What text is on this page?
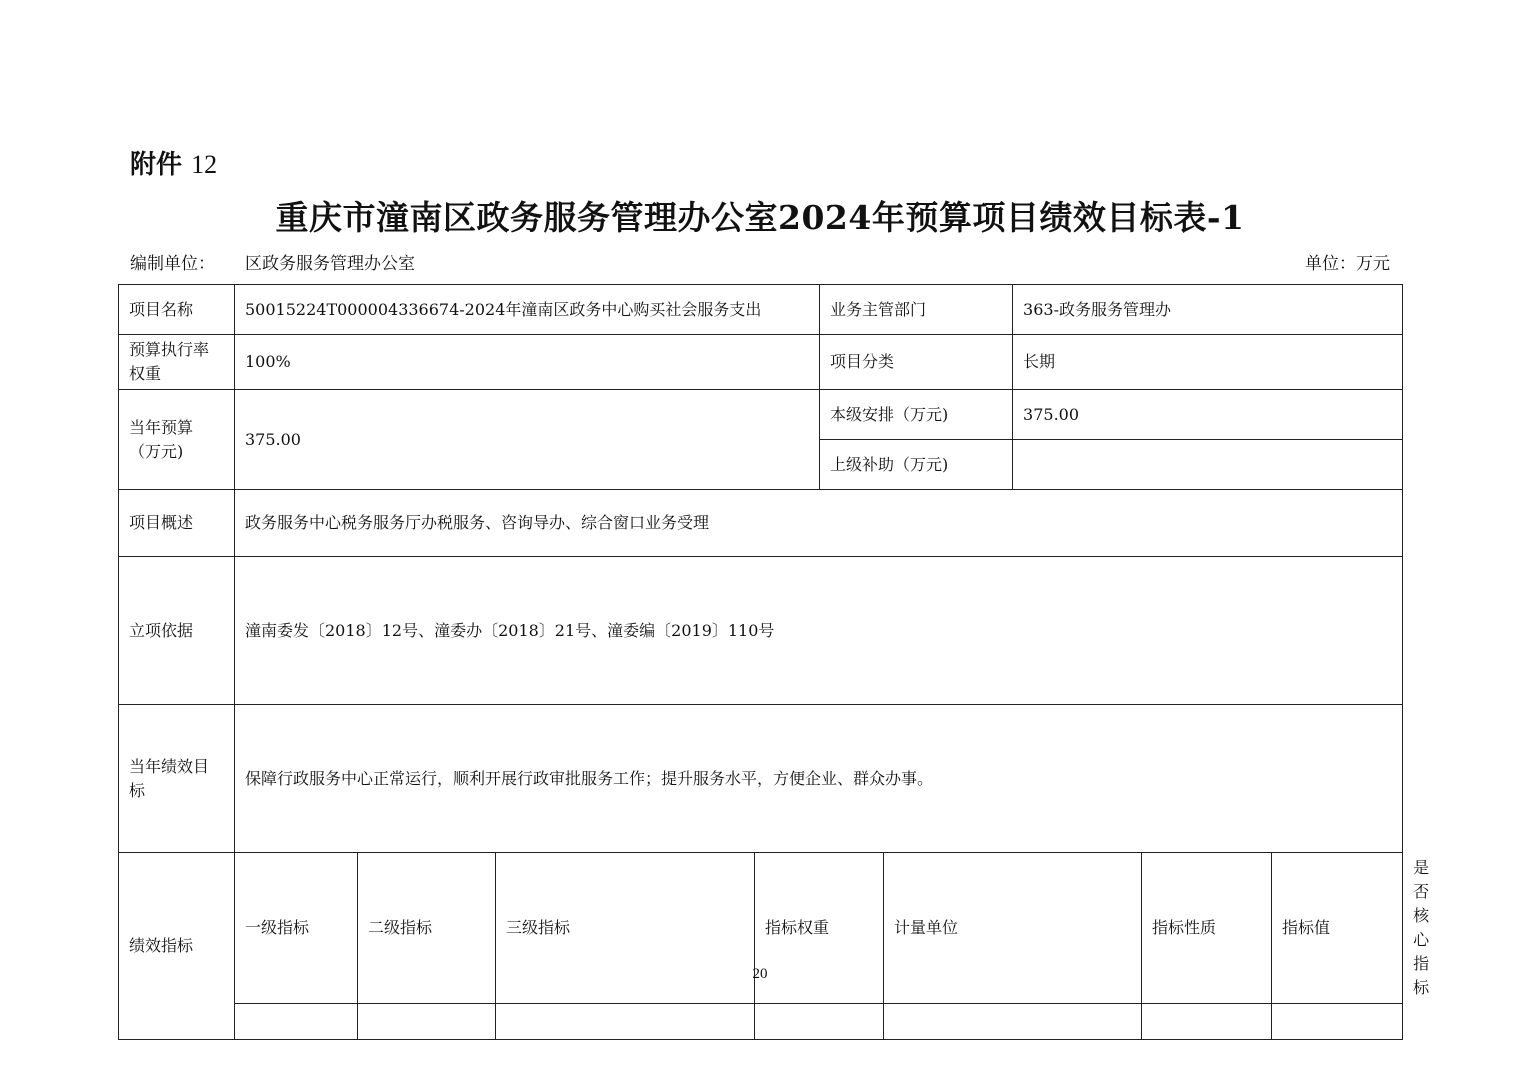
附件 12
重庆市潼南区政务服务管理办公室2024年预算项目绩效目标表-1
编制单位： 区政务服务管理办公室	单位：万元
项目名称	50015224T000004336674-2024年潼南区政务中心购买社会服务支出				业务主管部门		363-政务服务管理办			
预算执行率权重	100%				项目分类		长期			
当年预算（万元)	375.00				本级安排（万元)		375.00			
					上级补助（万元)					
项目概述	政务服务中心税务服务厅办税服务、咨询导办、综合窗口业务受理									
立项依据	潼南委发〔2018〕12号、潼委办〔2018〕21号、潼委编〔2019〕110号									
当年绩效目标	保障行政服务中心正常运行，顺利开展行政审批服务工作；提升服务水平，方便企业、群众办事。									
绩效指标	一级指标	二级指标	三级指标	指标权重		计量单位		指标性质	指标值	是否核心指标

20
